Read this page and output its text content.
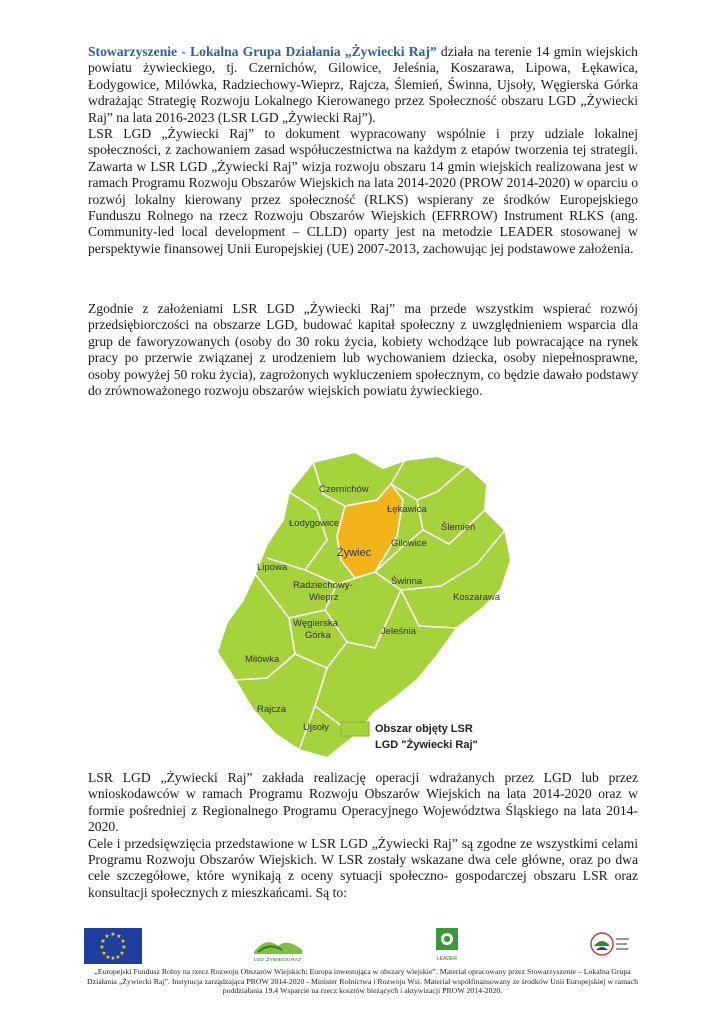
Stowarzyszenie - Lokalna Grupa Działania „Żywiecki Raj” działa na terenie 14 gmin wiejskich powiatu żywieckiego, tj. Czernichów, Gilowice, Jeleśnia, Koszarawa, Lipowa, Łękawica, Łodygowice, Milówka, Radziechowy-Wieprz, Rajcza, Ślemień, Świnna, Ujsoły, Węgierska Górka wdrażając Strategię Rozwoju Lokalnego Kierowanego przez Społeczność obszaru LGD „Żywiecki Raj” na lata 2016-2023 (LSR LGD „Żywiecki Raj”).
LSR LGD „Żywiecki Raj” to dokument wypracowany wspólnie i przy udziale lokalnej społeczności, z zachowaniem zasad współuczestnictwa na każdym z etapów tworzenia tej strategii. Zawarta w LSR LGD „Żywiecki Raj” wizja rozwoju obszaru 14 gmin wiejskich realizowana jest w ramach Programu Rozwoju Obszarów Wiejskich na lata 2014-2020 (PROW 2014-2020) w oparciu o rozwój lokalny kierowany przez społeczność (RLKS) wspierany ze środków Europejskiego Funduszu Rolnego na rzecz Rozwoju Obszarów Wiejskich (EFRROW) Instrument RLKS (ang. Community-led local development – CLLD) oparty jest na metodzie LEADER stosowanej w perspektywie finansowej Unii Europejskiej (UE) 2007-2013, zachowując jej podstawowe założenia.
Zgodnie z założeniami LSR LGD „Żywiecki Raj” ma przede wszystkim wspierać rozwój przedsiębiorczości na obszarze LGD, budować kapitał społeczny z uwzględnieniem wsparcia dla grup de faworyzowanych (osoby do 30 roku życia, kobiety wchodzące lub powracające na rynek pracy po przerwie związanej z urodzeniem lub wychowaniem dziecka, osoby niepełnosprawne, osoby powyżej 50 roku życia), zagrożonych wykluczeniem społecznym, co będzie dawało podstawy do zrównoważonego rozwoju obszarów wiejskich powiatu żywieckiego.
Czernichów
Łękawica
Ślemień
Łodygowice
Gilowice
Żywiec
Lipowa
Radziechowy-
Wieprz
Świnna
Koszarawa
Węgierska
Górka	Jeleśnia
Milówka
Rajcza
Ujsoły	Obszar objęty LSR
LGD "Żywiecki Raj"
LSR LGD „Żywiecki Raj” zakłada realizację operacji wdrażanych przez LGD lub przez wnioskodawców w ramach Programu Rozwoju Obszarów Wiejskich na lata 2014-2020 oraz w formie pośredniej z Regionalnego Programu Operacyjnego Województwa Śląskiego na lata 2014-2020.
Cele i przedsięwzięcia przedstawione w LSR LGD „Żywiecki Raj” są zgodne ze wszystkimi celami Programu Rozwoju Obszarów Wiejskich. W LSR zostały wskazane dwa cele główne, oraz po dwa cele szczegółowe, które wynikają z oceny sytuacji społeczno- gospodarczej obszaru LSR oraz konsultacji społecznych z mieszkańcami. Są to:
★ ★
★
★
★
★
★
★
★
★
★
★
LGD „ŻYWIECKI RAJ”	LEADER
„Europejski Fundusz Rolny na rzecz Rozwoju Obszarów Wiejskich: Europa inwestująca w obszary wiejskie”. Materiał opracowany przez Stowarzyszenie – Lokalna Grupa Działania „Żywiecki Raj”. Instytucja zarządzająca PROW 2014-2020 - Minister Rolnictwa i Rozwoju Wsi. Materiał współfinansowany ze środków Unii Europejskiej w ramach poddziałania 19.4 Wsparcie na rzecz kosztów bieżących i aktywizacji PROW 2014-2020.
